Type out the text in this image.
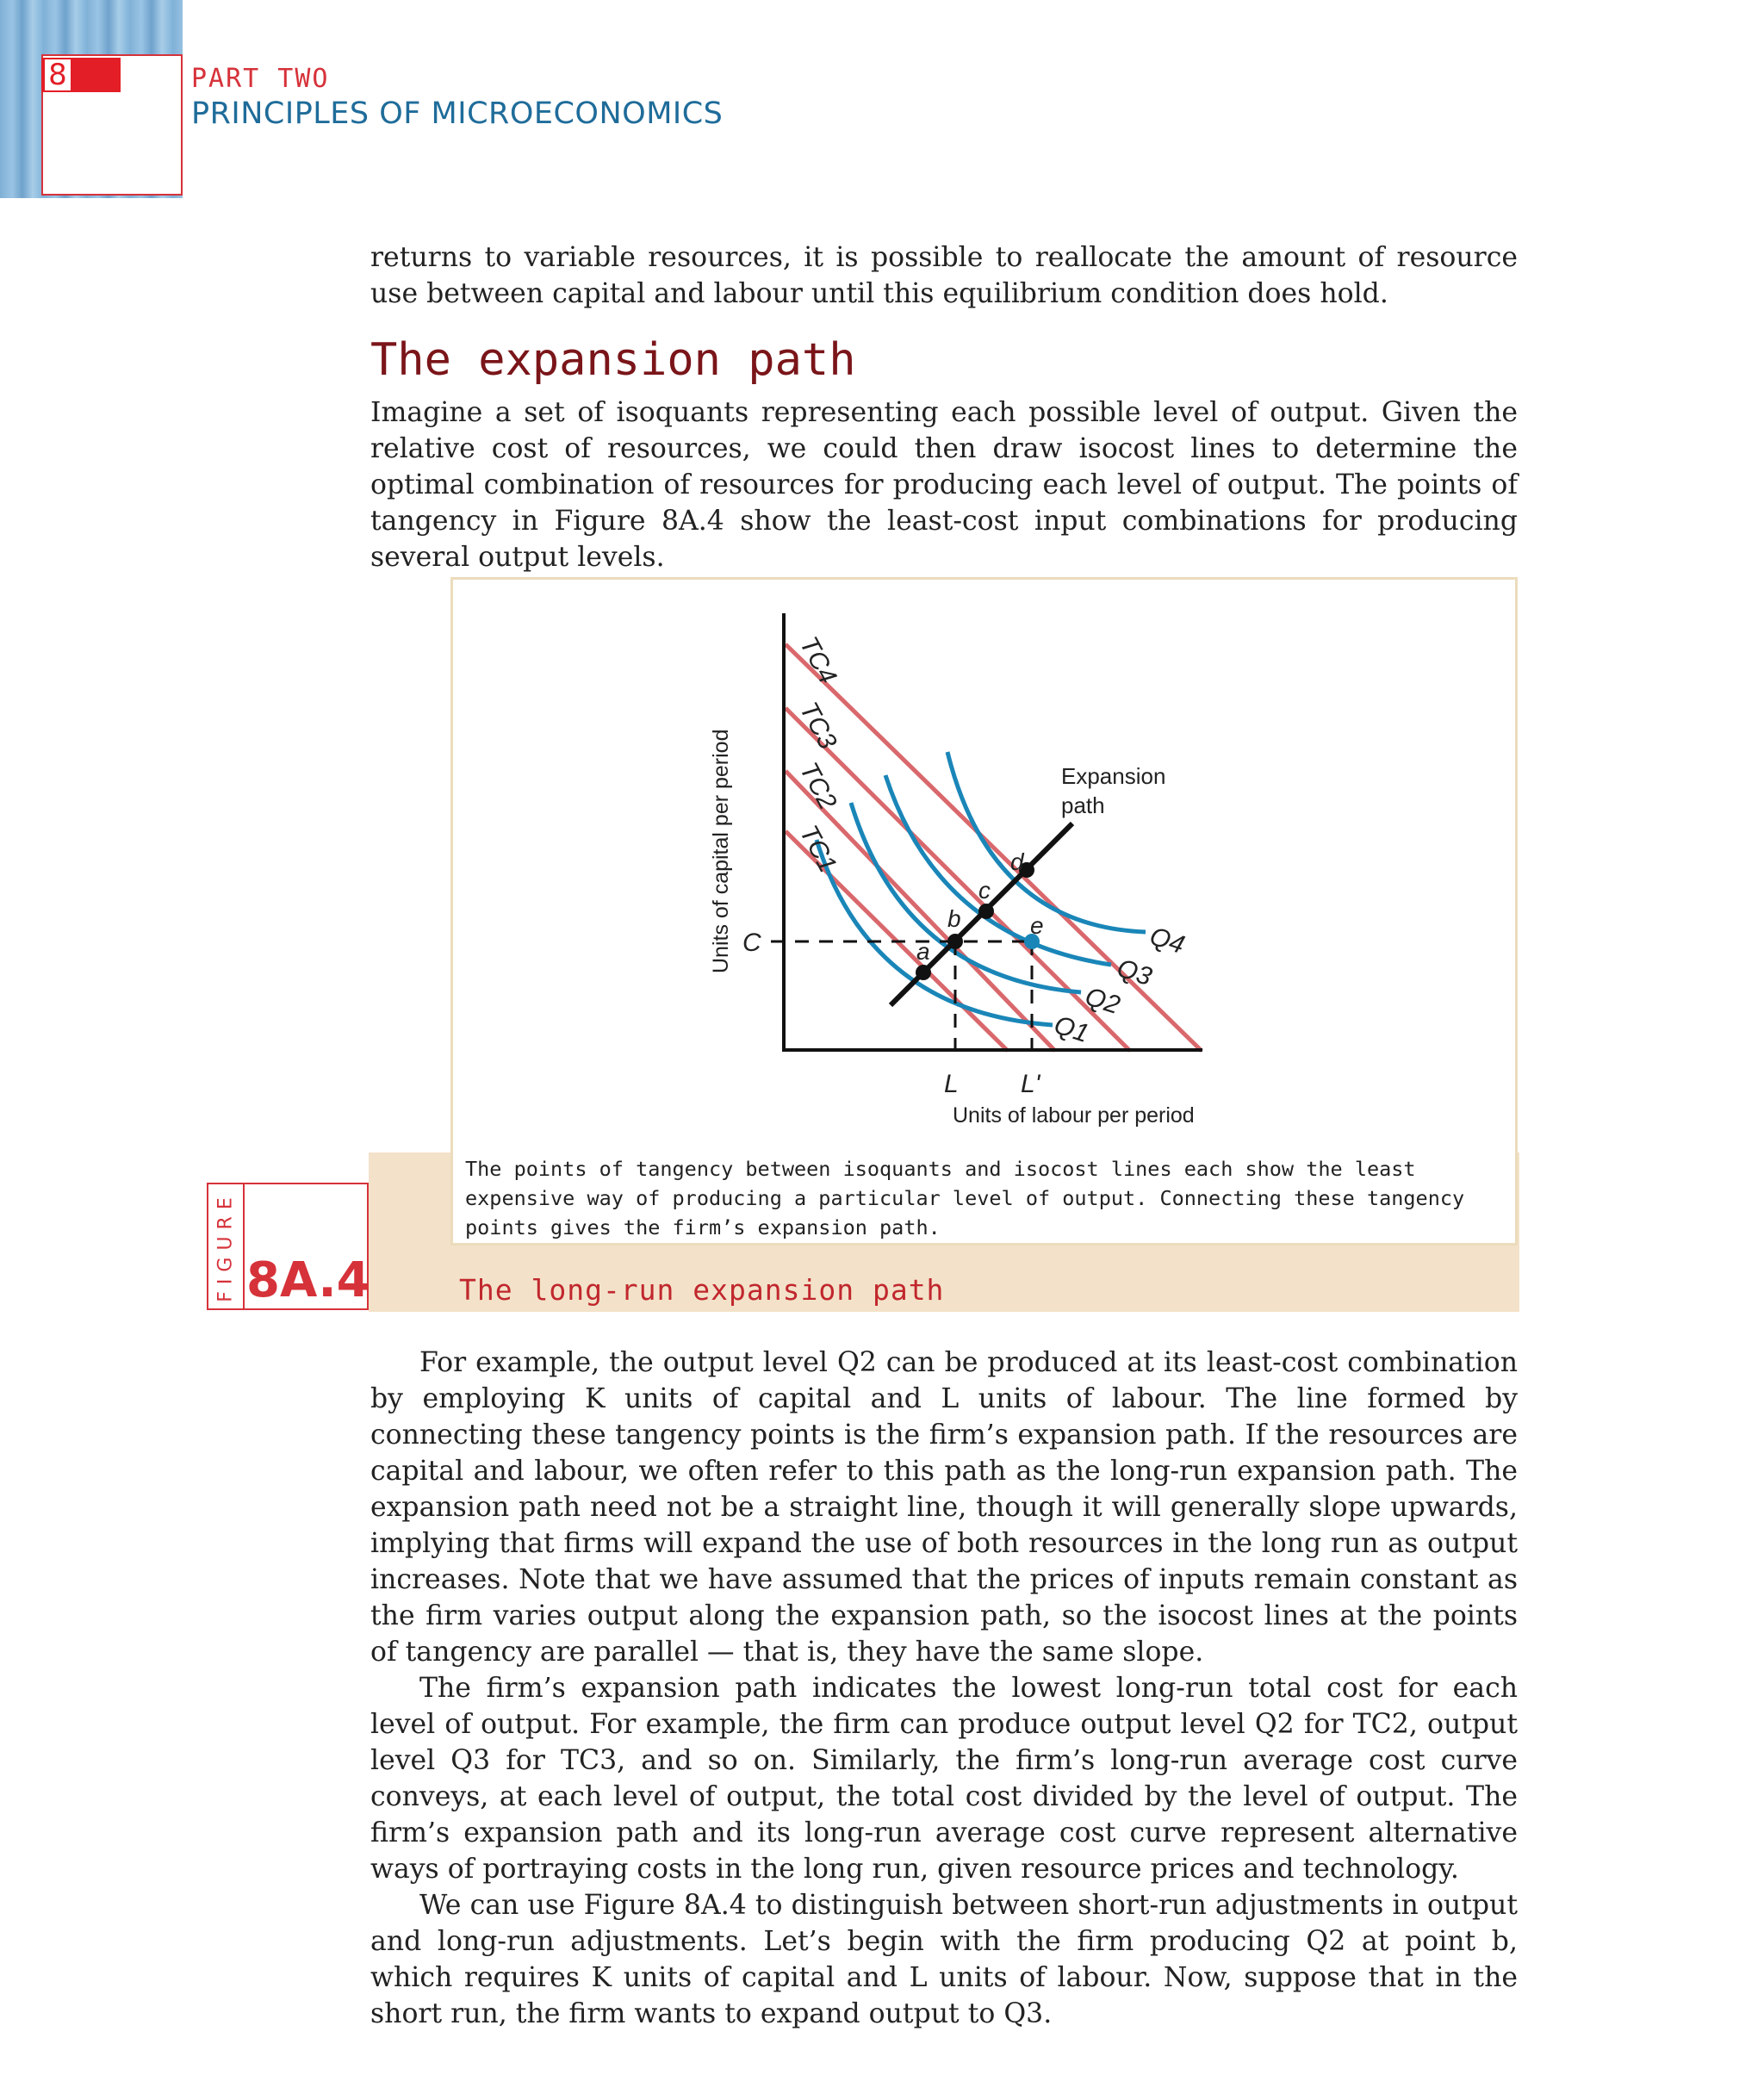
8	PART TWO
PRINCIPLES OF MICROECONOMICS

returns to variable resources, it is possible to reallocate the amount of resource use between capital and labour until this equilibrium condition does hold.

The expansion path

Imagine a set of isoquants representing each possible level of output. Given the relative cost of resources, we could then draw isocost lines to determine the optimal combination of resources for producing each level of output. The points of tangency in Figure 8A.4 show the least-cost input combinations for producing several output levels.

Units of capital per period
Units of labour per period
C
L L'
TC4
TC3
TC2
TC1
Q4
Q3
Q2
Q1
a
b
c
d
e
Expansion
path
The points of tangency between isoquants and isocost lines each show the least expensive way of producing a particular level of output. Connecting these tangency points gives the firm’s expansion path.
FIGURE 8A.4	The long-run expansion path

For example, the output level Q2 can be produced at its least-cost combination by employing K units of capital and L units of labour. The line formed by connecting these tangency points is the firm’s expansion path. If the resources are capital and labour, we often refer to this path as the long-run expansion path. The expansion path need not be a straight line, though it will generally slope upwards, implying that firms will expand the use of both resources in the long run as output increases. Note that we have assumed that the prices of inputs remain constant as the firm varies output along the expansion path, so the isocost lines at the points of tangency are parallel — that is, they have the same slope.

The firm’s expansion path indicates the lowest long-run total cost for each level of output. For example, the firm can produce output level Q2 for TC2, output level Q3 for TC3, and so on. Similarly, the firm’s long-run average cost curve conveys, at each level of output, the total cost divided by the level of output. The firm’s expansion path and its long-run average cost curve represent alternative ways of portraying costs in the long run, given resource prices and technology.

We can use Figure 8A.4 to distinguish between short-run adjustments in output and long-run adjustments. Let’s begin with the firm producing Q2 at point b, which requires K units of capital and L units of labour. Now, suppose that in the short run, the firm wants to expand output to Q3.
